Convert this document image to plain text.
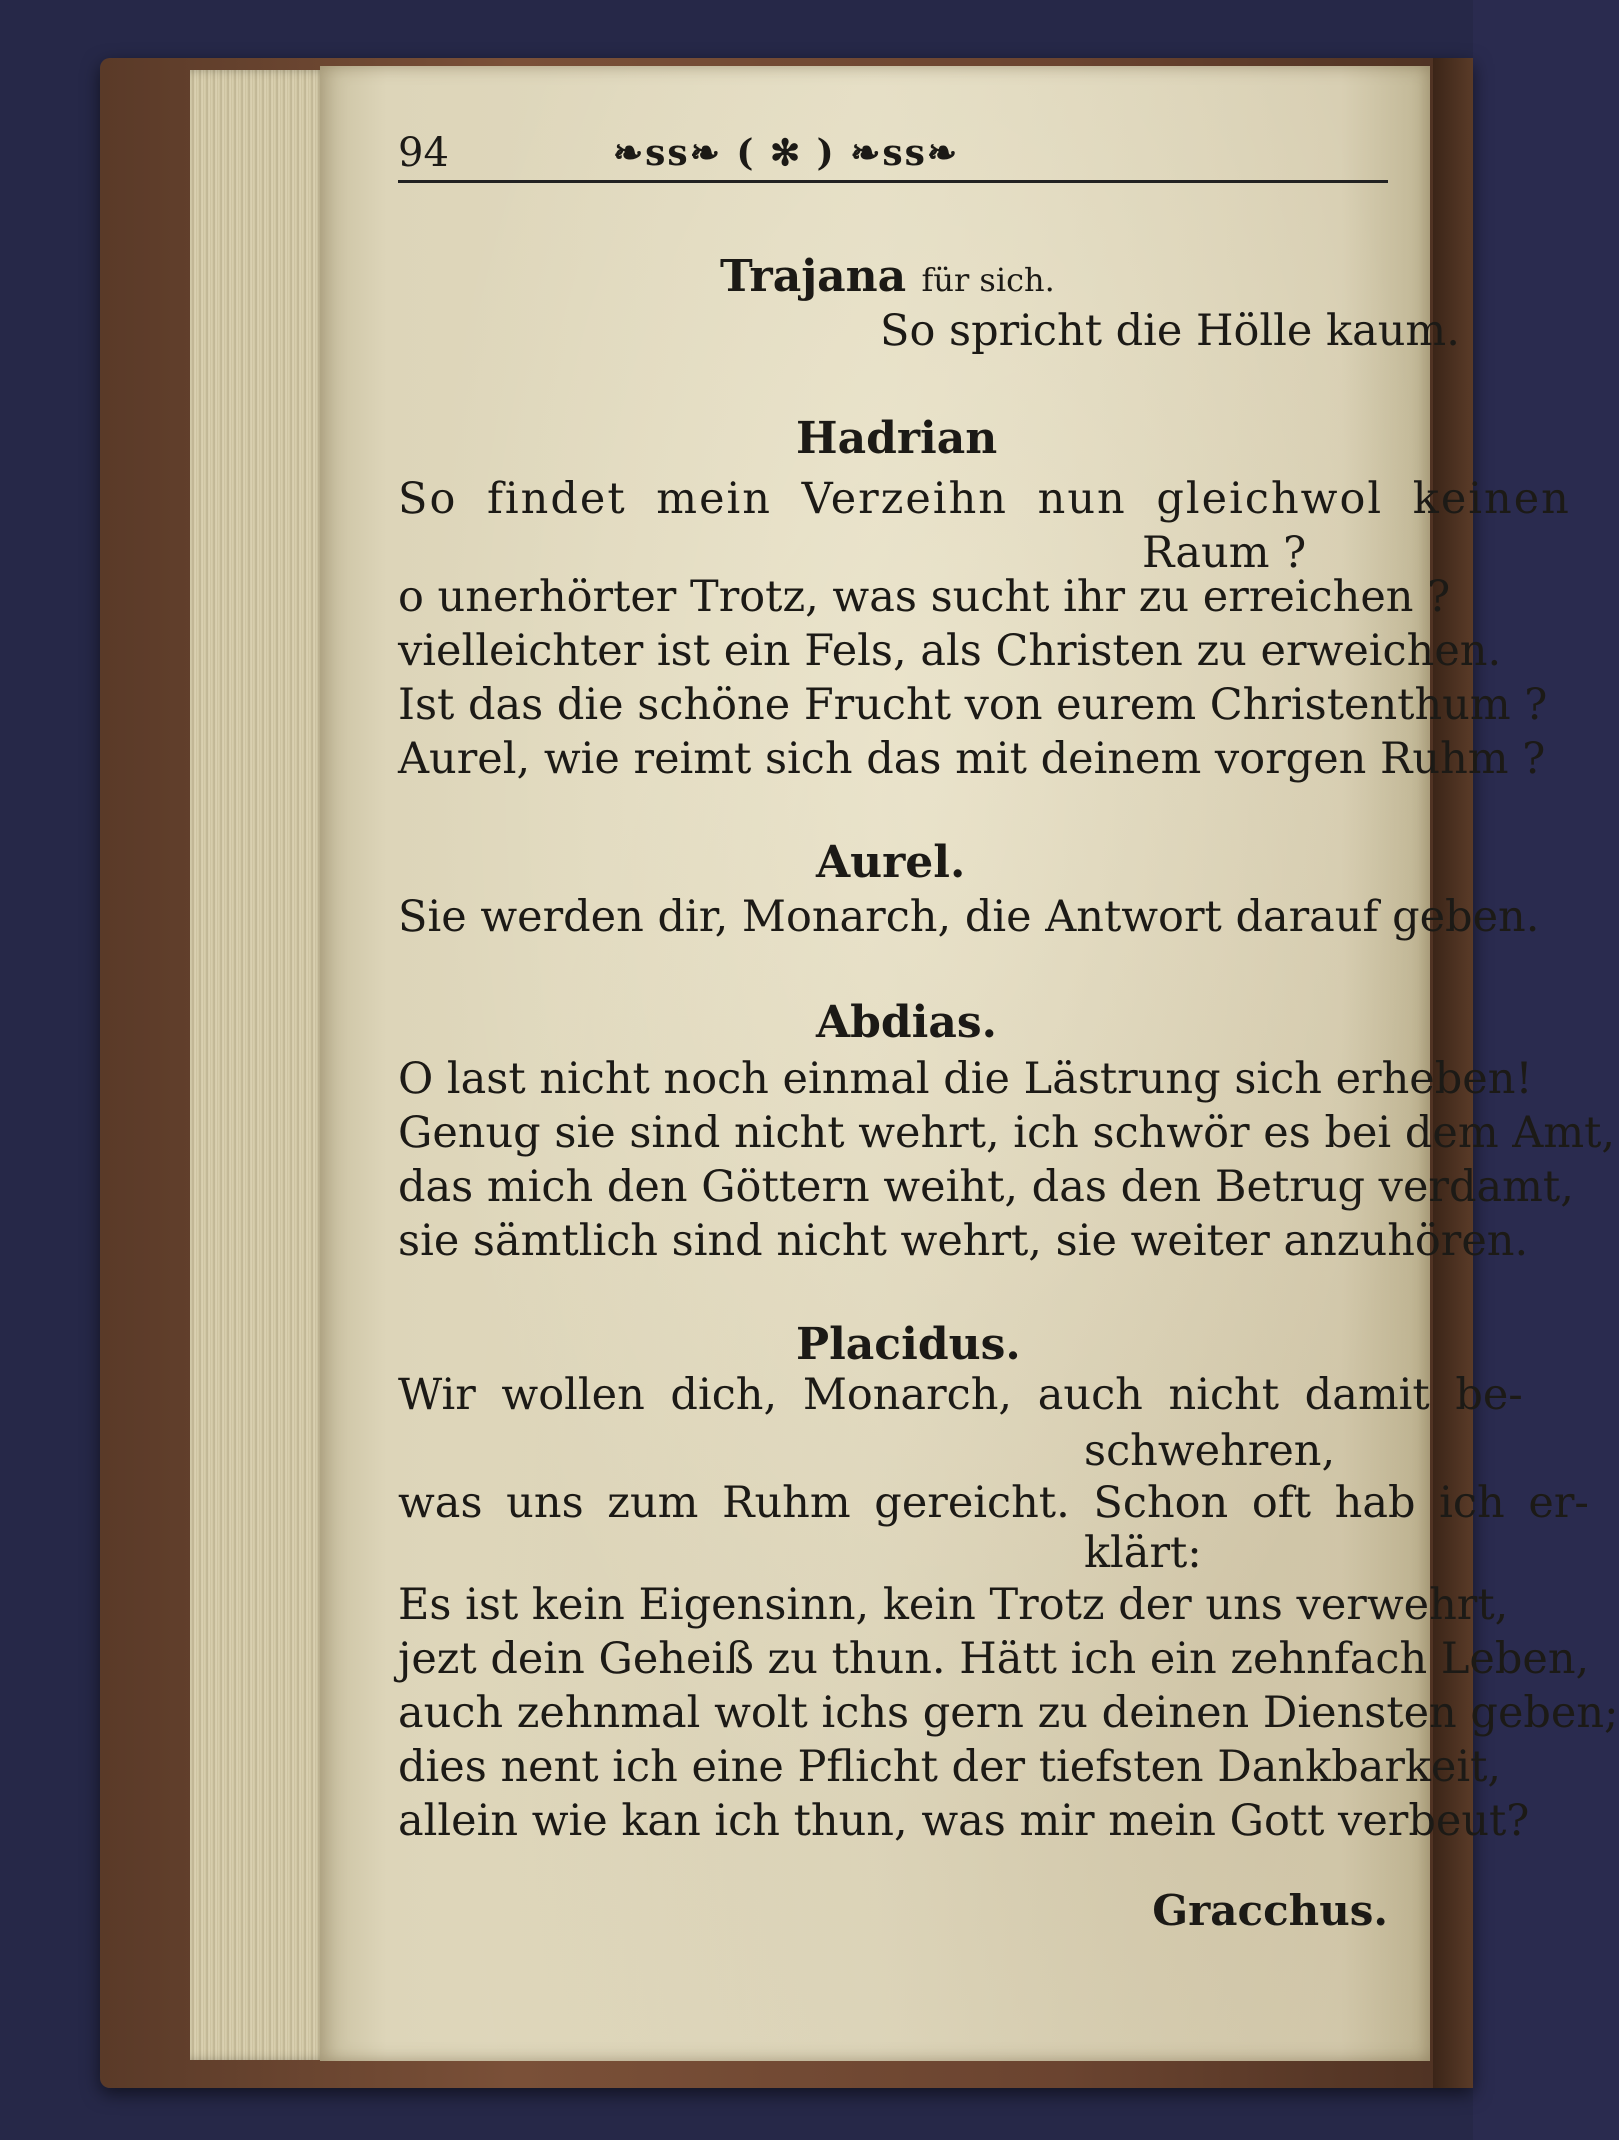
94	❧ss❧ ( ✻ ) ❧ss❧
Trajana für sich.
So spricht die Hölle kaum.
Hadrian
So findet mein Verzeihn nun gleichwol keinen
Raum ?
o unerhörter Trotz, was sucht ihr zu erreichen ?
vielleichter ist ein Fels, als Christen zu erweichen.
Ist das die schöne Frucht von eurem Christenthum ?
Aurel, wie reimt sich das mit deinem vorgen Ruhm ?
Aurel.
Sie werden dir, Monarch, die Antwort darauf geben.
Abdias.
O last nicht noch einmal die Lästrung sich erheben!
Genug sie sind nicht wehrt, ich schwör es bei dem Amt,
das mich den Göttern weiht, das den Betrug verdamt,
sie sämtlich sind nicht wehrt, sie weiter anzuhören.
Placidus.
Wir wollen dich, Monarch, auch nicht damit be-
schwehren,
was uns zum Ruhm gereicht. Schon oft hab ich er-
klärt:
Es ist kein Eigensinn, kein Trotz der uns verwehrt,
jezt dein Geheiß zu thun. Hätt ich ein zehnfach Leben,
auch zehnmal wolt ichs gern zu deinen Diensten geben;
dies nent ich eine Pflicht der tiefsten Dankbarkeit,
allein wie kan ich thun, was mir mein Gott verbeut?
Gracchus.
